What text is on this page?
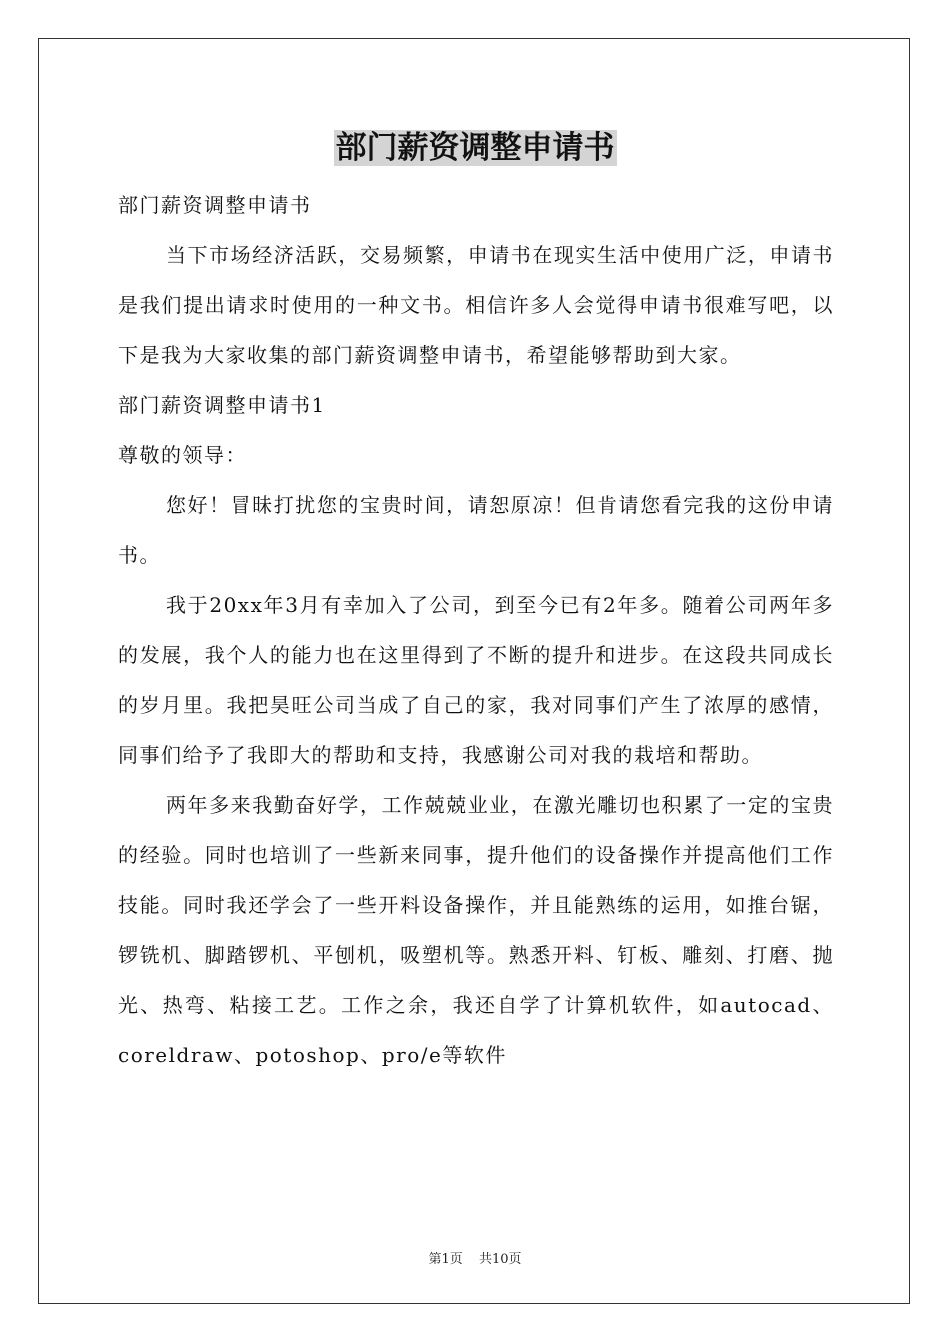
部门薪资调整申请书

部门薪资调整申请书

当下市场经济活跃，交易频繁，申请书在现实生活中使用广泛，申请书是我们提出请求时使用的一种文书。相信许多人会觉得申请书很难写吧，以下是我为大家收集的部门薪资调整申请书，希望能够帮助到大家。

部门薪资调整申请书1

尊敬的领导：

您好！冒昧打扰您的宝贵时间，请恕原凉！但肯请您看完我的这份申请书。

我于20xx年3月有幸加入了公司，到至今已有2年多。随着公司两年多的发展，我个人的能力也在这里得到了不断的提升和进步。在这段共同成长的岁月里。我把昊旺公司当成了自己的家，我对同事们产生了浓厚的感情，同事们给予了我即大的帮助和支持，我感谢公司对我的栽培和帮助。

两年多来我勤奋好学，工作兢兢业业，在激光雕切也积累了一定的宝贵的经验。同时也培训了一些新来同事，提升他们的设备操作并提高他们工作技能。同时我还学会了一些开料设备操作，并且能熟练的运用，如推台锯，锣铣机、脚踏锣机、平刨机，吸塑机等。熟悉开料、钉板、雕刻、打磨、抛光、热弯、粘接工艺。工作之余，我还自学了计算机软件，如autocad、coreldraw、potoshop、pro/e等软件

第1页 共10页
